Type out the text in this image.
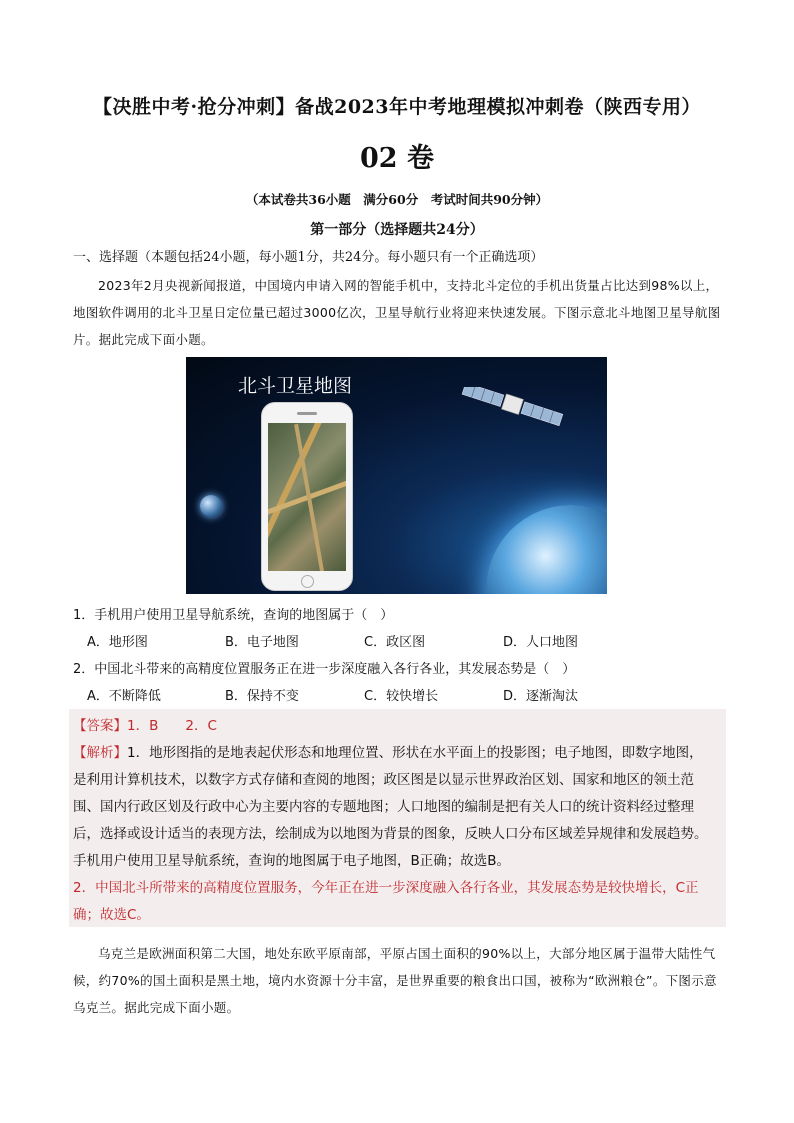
【决胜中考·抢分冲刺】备战2023年中考地理模拟冲刺卷（陕西专用）
02 卷
（本试卷共36小题　满分60分　考试时间共90分钟）
第一部分（选择题共24分）
一、选择题（本题包括24小题，每小题1分，共24分。每小题只有一个正确选项）
2023年2月央视新闻报道，中国境内申请入网的智能手机中，支持北斗定位的手机出货量占比达到98%以上，地图软件调用的北斗卫星日定位量已超过3000亿次，卫星导航行业将迎来快速发展。下图示意北斗地图卫星导航图片。据此完成下面小题。
北斗卫星地图
1．手机用户使用卫星导航系统，查询的地图属于（　）
A．地形图	B．电子地图	C．政区图	D．人口地图
2．中国北斗带来的高精度位置服务正在进一步深度融入各行各业，其发展态势是（　）
A．不断降低	B．保持不变	C．较快增长	D．逐渐淘汰
【答案】1．B　　2．C
【解析】1．地形图指的是地表起伏形态和地理位置、形状在水平面上的投影图；电子地图，即数字地图，
是利用计算机技术，以数字方式存储和查阅的地图；政区图是以显示世界政治区划、国家和地区的领土范
围、国内行政区划及行政中心为主要内容的专题地图；人口地图的编制是把有关人口的统计资料经过整理
后，选择或设计适当的表现方法，绘制成为以地图为背景的图象，反映人口分布区域差异规律和发展趋势。
手机用户使用卫星导航系统，查询的地图属于电子地图，B正确；故选B。
2．中国北斗所带来的高精度位置服务，今年正在进一步深度融入各行各业，其发展态势是较快增长，C正
确；故选C。
乌克兰是欧洲面积第二大国，地处东欧平原南部，平原占国土面积的90%以上，大部分地区属于温带大陆性气候，约70%的国土面积是黑土地，境内水资源十分丰富，是世界重要的粮食出口国，被称为“欧洲粮仓”。下图示意乌克兰。据此完成下面小题。
